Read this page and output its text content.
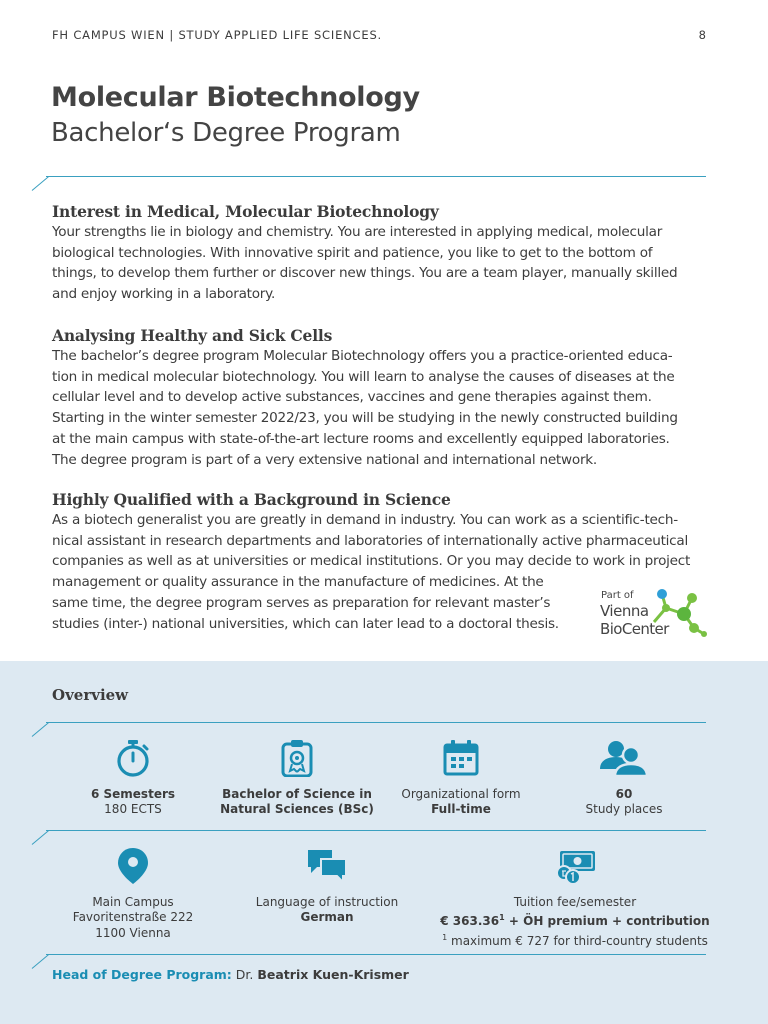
FH CAMPUS WIEN | STUDY APPLIED LIFE SCIENCES.	8
Molecular Biotechnology
Bachelor‘s Degree Program
Interest in Medical, Molecular Biotechnology

Your strengths lie in biology and chemistry. You are interested in applying medical, molecular
biological technologies. With innovative spirit and patience, you like to get to the bottom of
things, to develop them further or discover new things. You are a team player, manually skilled
and enjoy working in a laboratory.

Analysing Healthy and Sick Cells

The bachelor’s degree program Molecular Biotechnology offers you a practice-oriented educa-
tion in medical molecular biotechnology. You will learn to analyse the causes of diseases at the
cellular level and to develop active substances, vaccines and gene therapies against them.
Starting in the winter semester 2022/23, you will be studying in the newly constructed building
at the main campus with state-of-the-art lecture rooms and excellently equipped laboratories.
The degree program is part of a very extensive national and international network.

Highly Qualified with a Background in Science

As a biotech generalist you are greatly in demand in industry. You can work as a scientific-tech-
nical assistant in research departments and laboratories of internationally active pharmaceutical
companies as well as at universities or medical institutions. Or you may decide to work in project
management or quality assurance in the manufacture of medicines. At the
same time, the degree program serves as preparation for relevant master’s
studies (inter-) national universities, which can later lead to a doctoral thesis.

Part of
Vienna
BioCenter
Overview
6 Semesters
180 ECTS
Bachelor of Science in
Natural Sciences (BSc)
Organizational form
Full-time
60
Study places
Main Campus
Favoritenstraße 222
1100 Vienna
Language of instruction
German
Tuition fee/semester
€ $363.36^1$ + ÖH premium + contribution
$^1$ maximum € 727 for third-country students
Head of Degree Program: Dr. Beatrix Kuen-Krismer
